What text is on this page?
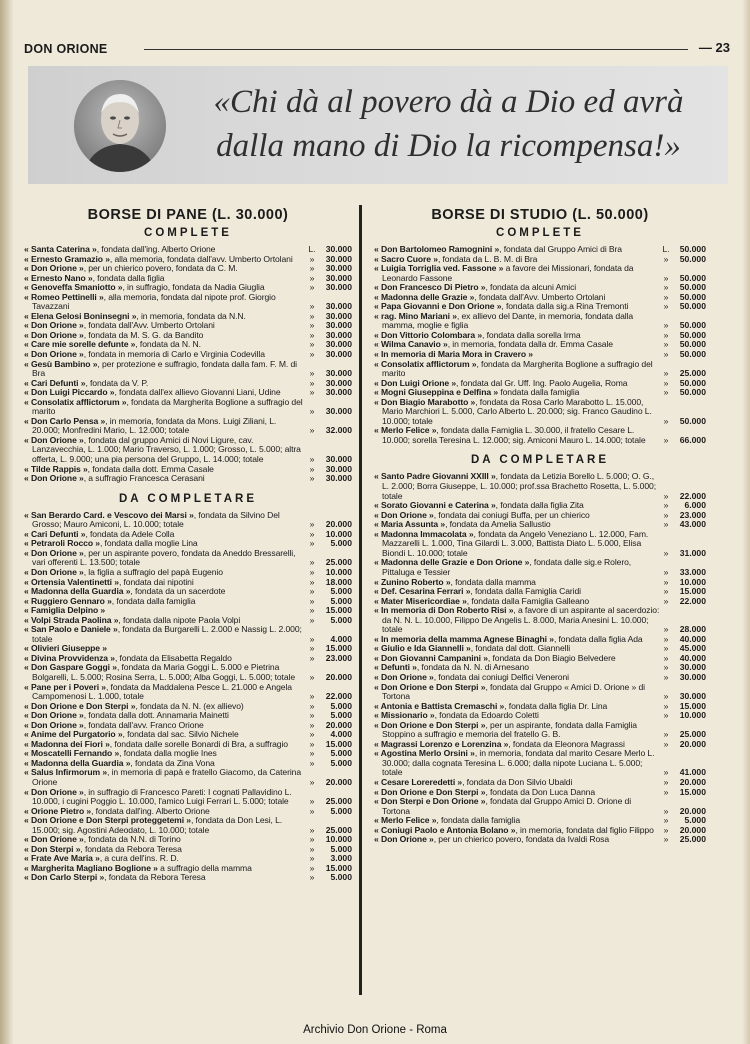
DON ORIONE	— 23
«Chi dà al povero dà a Dio ed avrà
dalla mano di Dio la ricompensa!»
BORSE DI PANE (L. 30.000)
COMPLETE
« Santa Caterina », fondata dall'ing. Alberto Orione	L.	30.000
« Ernesto Gramazio », alla memoria, fondata dall'avv. Umberto Ortolani	»	30.000
« Don Orione », per un chierico povero, fondata da C. M.	»	30.000
« Ernesto Nano », fondata dalla figlia	»	30.000
« Genoveffa Smaniotto », in suffragio, fondata da Nadia Giuglia	»	30.000
« Romeo Pettinelli », alla memoria, fondata dal nipote prof. Giorgio Tavazzani	»	30.000
« Elena Gelosi Boninsegni », in memoria, fondata da N.N.	»	30.000
« Don Orione », fondata dall'Avv. Umberto Ortolani	»	30.000
« Don Orione », fondata da M. S. G. da Bandito	»	30.000
« Care mie sorelle defunte », fondata da N. N.	»	30.000
« Don Orione », fondata in memoria di Carlo e Virginia Codevilla	»	30.000
« Gesù Bambino », per protezione e suffragio, fondata dalla fam. F. M. di Bra	»	30.000
« Cari Defunti », fondata da V. P.	»	30.000
« Don Luigi Piccardo », fondata dall'ex allievo Giovanni Liani, Udine	»	30.000
« Consolatix afflictorum », fondata da Margherita Boglione a suffragio del marito	»	30.000
« Don Carlo Pensa », in memoria, fondata da Mons. Luigi Ziliani, L. 20.000; Monfredini Mario, L. 12.000; totale	»	32.000
« Don Orione », fondata dal gruppo Amici di Novi Ligure, cav. Lanzavecchia, L. 1.000; Mario Traverso, L. 1.000; Grosso, L. 5.000; altra offerta, L. 9.000; una pia persona del Gruppo, L. 14.000; totale	»	30.000
« Tilde Rappis », fondata dalla dott. Emma Casale	»	30.000
« Don Orione », a suffragio Francesca Cerasani	»	30.000
DA COMPLETARE
« San Berardo Card. e Vescovo dei Marsi », fondata da Silvino Del Grosso; Mauro Amiconi, L. 10.000; totale	»	20.000
« Cari Defunti », fondata da Adele Colla	»	10.000
« Petraroli Rocco », fondata dalla moglie Lina	»	5.000
« Don Orione », per un aspirante povero, fondata da Aneddo Bressarelli, vari offerenti L. 13.500; totale	»	25.000
« Don Orione », la figlia a suffragio del papà Eugenio	»	10.000
« Ortensia Valentinetti », fondata dai nipotini	»	18.000
« Madonna della Guardia », fondata da un sacerdote	»	5.000
« Ruggiero Gennaro », fondata dalla famiglia	»	5.000
« Famiglia Delpino »	»	15.000
« Volpi Strada Paolina », fondata dalla nipote Paola Volpi	»	5.000
« San Paolo e Daniele », fondata da Burgarelli L. 2.000 e Nassig L. 2.000; totale	»	4.000
« Olivieri Giuseppe »	»	15.000
« Divina Provvidenza », fondata da Elisabetta Regaldo	»	23.000
« Don Gaspare Goggi », fondata da Maria Goggi L. 5.000 e Pietrina Bolgarelli, L. 5.000; Rosina Serra, L. 5.000; Alba Goggi, L. 5.000; totale	»	20.000
« Pane per i Poveri », fondata da Maddalena Pesce L. 21.000 e Angela Campomenosi L. 1.000, totale	»	22.000
« Don Orione e Don Sterpi », fondata da N. N. (ex allievo)	»	5.000
« Don Orione », fondata dalla dott. Annamaria Mainetti	»	5.000
« Don Orione », fondata dall'avv. Franco Orione	»	20.000
« Anime del Purgatorio », fondata dal sac. Silvio Nichele	»	4.000
« Madonna dei Fiori », fondata dalle sorelle Bonardi di Bra, a suffragio	»	15.000
« Moscatelli Fernando », fondata dalla moglie Ines	»	5.000
« Madonna della Guardia », fondata da Zina Vona	»	5.000
« Salus Infirmorum », in memoria di papà e fratello Giacomo, da Caterina Orione	»	20.000
« Don Orione », in suffragio di Francesco Pareti: I cognati Pallavidino L. 10.000, i cugini Poggio L. 10.000, l'amico Luigi Ferrari L. 5.000; totale	»	25.000
« Orione Pietro », fondata dall'ing. Alberto Orione	»	5.000
« Don Orione e Don Sterpi proteggetemi », fondata da Don Lesi, L. 15.000; sig. Agostini Adeodato, L. 10.000; totale	»	25.000
« Don Orione », fondata da N.N. di Torino	»	10.000
« Don Sterpi », fondata da Rebora Teresa	»	5.000
« Frate Ave Maria », a cura dell'ins. R. D.	»	3.000
« Margherita Magliano Boglione » a suffragio della mamma	»	15.000
« Don Carlo Sterpi », fondata da Rebora Teresa	»	5.000
BORSE DI STUDIO (L. 50.000)
COMPLETE
« Don Bartolomeo Ramognini », fondata dal Gruppo Amici di Bra	L.	50.000
« Sacro Cuore », fondata da L. B. M. di Bra	»	50.000
« Luigia Torriglia ved. Fassone » a favore dei Missionari, fondata da Leonardo Fassone	»	50.000
« Don Francesco Di Pietro », fondata da alcuni Amici	»	50.000
« Madonna delle Grazie », fondata dall'Avv. Umberto Ortolani	»	50.000
« Papa Giovanni e Don Orione », fondata dalla sig.a Rina Tremonti	»	50.000
« rag. Mino Mariani », ex allievo del Dante, in memoria, fondata dalla mamma, moglie e figlia	»	50.000
« Don Vittorio Colombara », fondata dalla sorella Irma	»	50.000
« Wilma Canavio », in memoria, fondata dalla dr. Emma Casale	»	50.000
« In memoria di Maria Mora in Cravero »	»	50.000
« Consolatix afflictorum », fondata da Margherita Boglione a suffragio del marito	»	25.000
« Don Luigi Orione », fondata dal Gr. Uff. Ing. Paolo Augelia, Roma	»	50.000
« Mogni Giuseppina e Delfina » fondata dalla famiglia	»	50.000
« Don Biagio Marabotto », fondata da Rosa Carlo Marabotto L. 15.000, Mario Marchiori L. 5.000, Carlo Alberto L. 20.000; sig. Franco Gaudino L. 10.000; totale	»	50.000
« Merlo Felice », fondata dalla Famiglia L. 30.000, il fratello Cesare L. 10.000; sorella Teresina L. 12.000; sig. Amiconi Mauro L. 14.000; totale	»	66.000
DA COMPLETARE
« Santo Padre Giovanni XXIII », fondata da Letizia Borello L. 5.000; O. G., L. 2.000; Borra Giuseppe, L. 10.000; prof.ssa Brachetto Rosetta, L. 5.000; totale	»	22.000
« Sorato Giovanni e Caterina », fondata dalla figlia Zita	»	6.000
« Don Orione », fondata dai coniugi Buffa, per un chierico	»	23.000
« Maria Assunta », fondata da Amelia Sallustio	»	43.000
« Madonna Immacolata », fondata da Angelo Veneziano L. 12.000, Fam. Mazzarelli L. 1.000, Tina Gilardi L. 3.000, Battista Diato L. 5.000, Elisa Biondi L. 10.000; totale	»	31.000
« Madonna delle Grazie e Don Orione », fondata dalle sig.e Rolero, Pittaluga e Tessier	»	33.000
« Zunino Roberto », fondata dalla mamma	»	10.000
« Def. Cesarina Ferrari », fondata dalla Famiglia Caridi	»	15.000
« Mater Misericordiae », fondata dalla Famiglia Galleano	»	22.000
« In memoria di Don Roberto Risi », a favore di un aspirante al sacerdozio: da N. N. L. 10.000, Filippo De Angelis L. 8.000, Maria Anesini L. 10.000; totale	»	28.000
« In memoria della mamma Agnese Binaghi », fondata dalla figlia Ada	»	40.000
« Giulio e Ida Giannelli », fondata dal dott. Giannelli	»	45.000
« Don Giovanni Campanini », fondata da Don Biagio Belvedere	»	40.000
« Defunti », fondata da N. N. di Arnesano	»	30.000
« Don Orione », fondata dai coniugi Delfici Veneroni	»	30.000
« Don Orione e Don Sterpi », fondata dal Gruppo « Amici D. Orione » di Tortona	»	30.000
« Antonia e Battista Cremaschi », fondata dalla figlia Dr. Lina	»	15.000
« Missionario », fondata da Edoardo Coletti	»	10.000
« Don Orione e Don Sterpi », per un aspirante, fondata dalla Famiglia Stoppino a suffragio e memoria del fratello G. B.	»	25.000
« Magrassi Lorenzo e Lorenzina », fondata da Eleonora Magrassi	»	20.000
« Agostina Merlo Orsini », in memoria, fondata dal marito Cesare Merlo L. 30.000; dalla cognata Teresina L. 6.000; dalla nipote Luciana L. 5.000; totale	»	41.000
« Cesare Loreredetti », fondata da Don Silvio Ubaldi	»	20.000
« Don Orione e Don Sterpi », fondata da Don Luca Danna	»	15.000
« Don Sterpi e Don Orione », fondata dal Gruppo Amici D. Orione di Tortona	»	20.000
« Merlo Felice », fondata dalla famiglia	»	5.000
« Coniugi Paolo e Antonia Bolano », in memoria, fondata dal figlio Filippo	»	20.000
« Don Orione », per un chierico povero, fondata da Ivaldi Rosa	»	25.000
Archivio Don Orione - Roma
